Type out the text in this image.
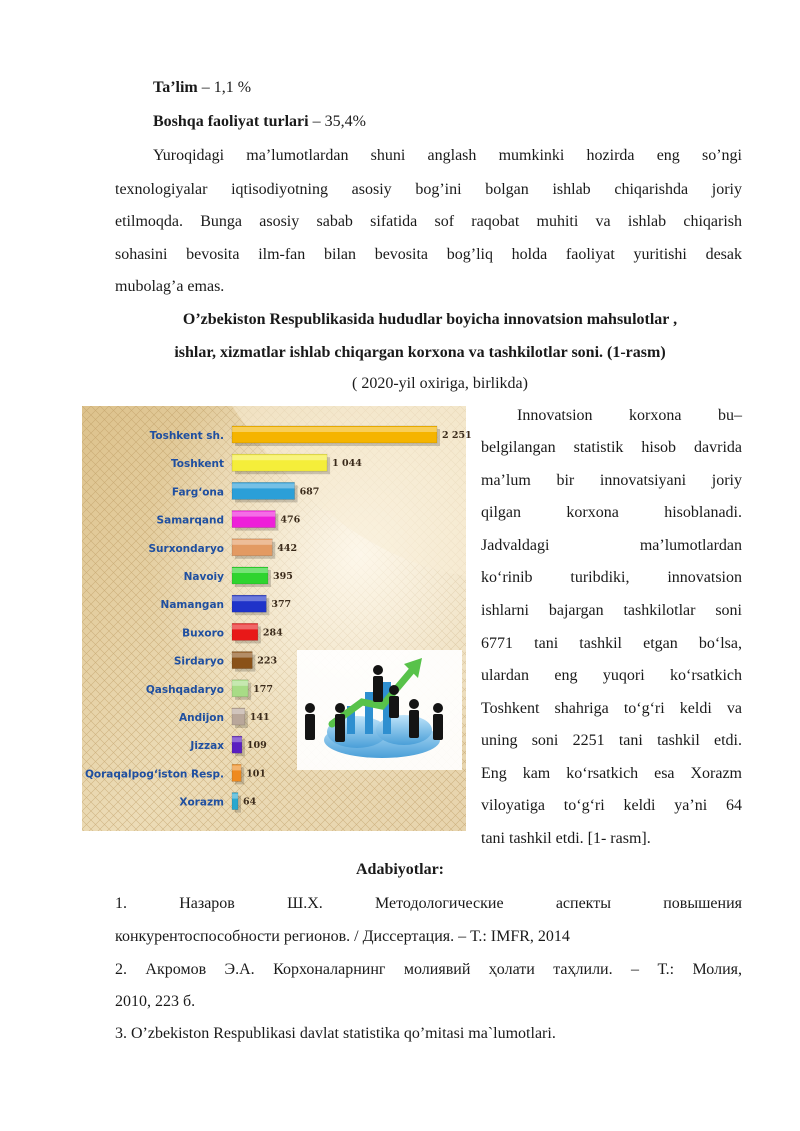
Ta’lim – 1,1 %
Boshqa faoliyat turlari – 35,4%
Yuroqidagi ma’lumotlardan shuni anglash mumkinki hozirda eng so’ngi
texnologiyalar iqtisodiyotning asosiy bog’ini bolgan ishlab chiqarishda joriy
etilmoqda. Bunga asosiy sabab sifatida sof raqobat muhiti va ishlab chiqarish
sohasini bevosita ilm-fan bilan bevosita bog’liq holda faoliyat yuritishi desak
mubolag’a emas.
O’zbekiston Respublikasida hududlar boyicha innovatsion mahsulotlar ,
ishlar, xizmatlar ishlab chiqargan korxona va tashkilotlar soni. (1-rasm)
( 2020-yil oxiriga, birlikda)
Toshkent sh.	2 251
Toshkent	1 044
Farg‘ona	687
Samarqand	476
Surxondaryo	442
Navoiy	395
Namangan	377
Buxoro	284
Sirdaryo	223
Qashqadaryo	177
Andijon	141
Jizzax 109
Qoraqalpog‘iston Resp. 101
Xorazm 64
Innovatsion korxona bu–
belgilangan statistik hisob davrida
ma’lum bir innovatsiyani joriy
qilgan korxona hisoblanadi.
Jadvaldagi ma’lumotlardan
ko‘rinib turibdiki, innovatsion
ishlarni bajargan tashkilotlar soni
6771 tani tashkil etgan bo‘lsa,
ulardan eng yuqori ko‘rsatkich
Toshkent shahriga to‘g‘ri keldi va
uning soni 2251 tani tashkil etdi.
Eng kam ko‘rsatkich esa Xorazm
viloyatiga to‘g‘ri keldi ya’ni 64
tani tashkil etdi. [1- rasm].
Adabiyotlar:
1. Назаров Ш.Х. Методологические аспекты повышения
конкурентоспособности регионов. / Диссертация. – Т.: IMFR, 2014
2. Акромов Э.А. Корхоналарнинг молиявий ҳолати таҳлили. – Т.: Молия,
2010, 223 б.
3. O’zbekiston Respublikasi davlat statistika qo’mitasi ma`lumotlari.
